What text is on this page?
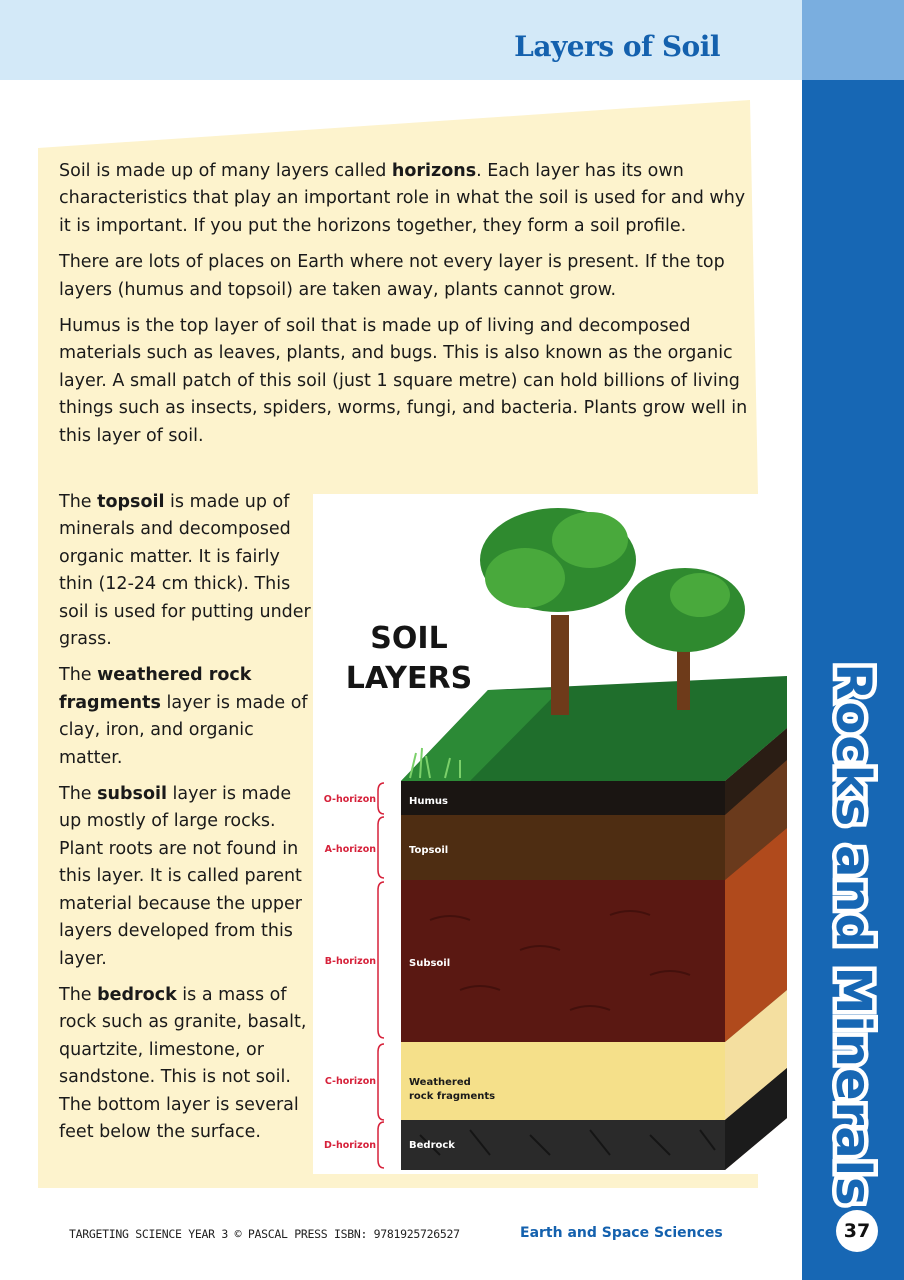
Layers of Soil

Soil is made up of many layers called horizons. Each layer has its own characteristics that play an important role in what the soil is used for and why it is important. If you put the horizons together, they form a soil profile.

There are lots of places on Earth where not every layer is present. If the top layers (humus and topsoil) are taken away, plants cannot grow.

Humus is the top layer of soil that is made up of living and decomposed materials such as leaves, plants, and bugs. This is also known as the organic layer. A small patch of this soil (just 1 square metre) can hold billions of living things such as insects, spiders, worms, fungi, and bacteria. Plants grow well in this layer of soil.

The topsoil is made up of minerals and decomposed organic matter. It is fairly thin (12-24 cm thick). This soil is used for putting under grass.

The weathered rock fragments layer is made of clay, iron, and organic matter.

The subsoil layer is made up mostly of large rocks. Plant roots are not found in this layer. It is called parent material because the upper layers developed from this layer.

The bedrock is a mass of rock such as granite, basalt, quartzite, limestone, or sandstone. This is not soil. The bottom layer is several feet below the surface.

SOIL
LAYERS
O-horizon
A-horizon
B-horizon
C-horizon
D-horizon
Humus
Topsoil
Subsoil
Weathered
rock fragments
Bedrock	Rocks and Minerals
37
TARGETING SCIENCE YEAR 3 © PASCAL PRESS ISBN: 9781925726527	Earth and Space Sciences
